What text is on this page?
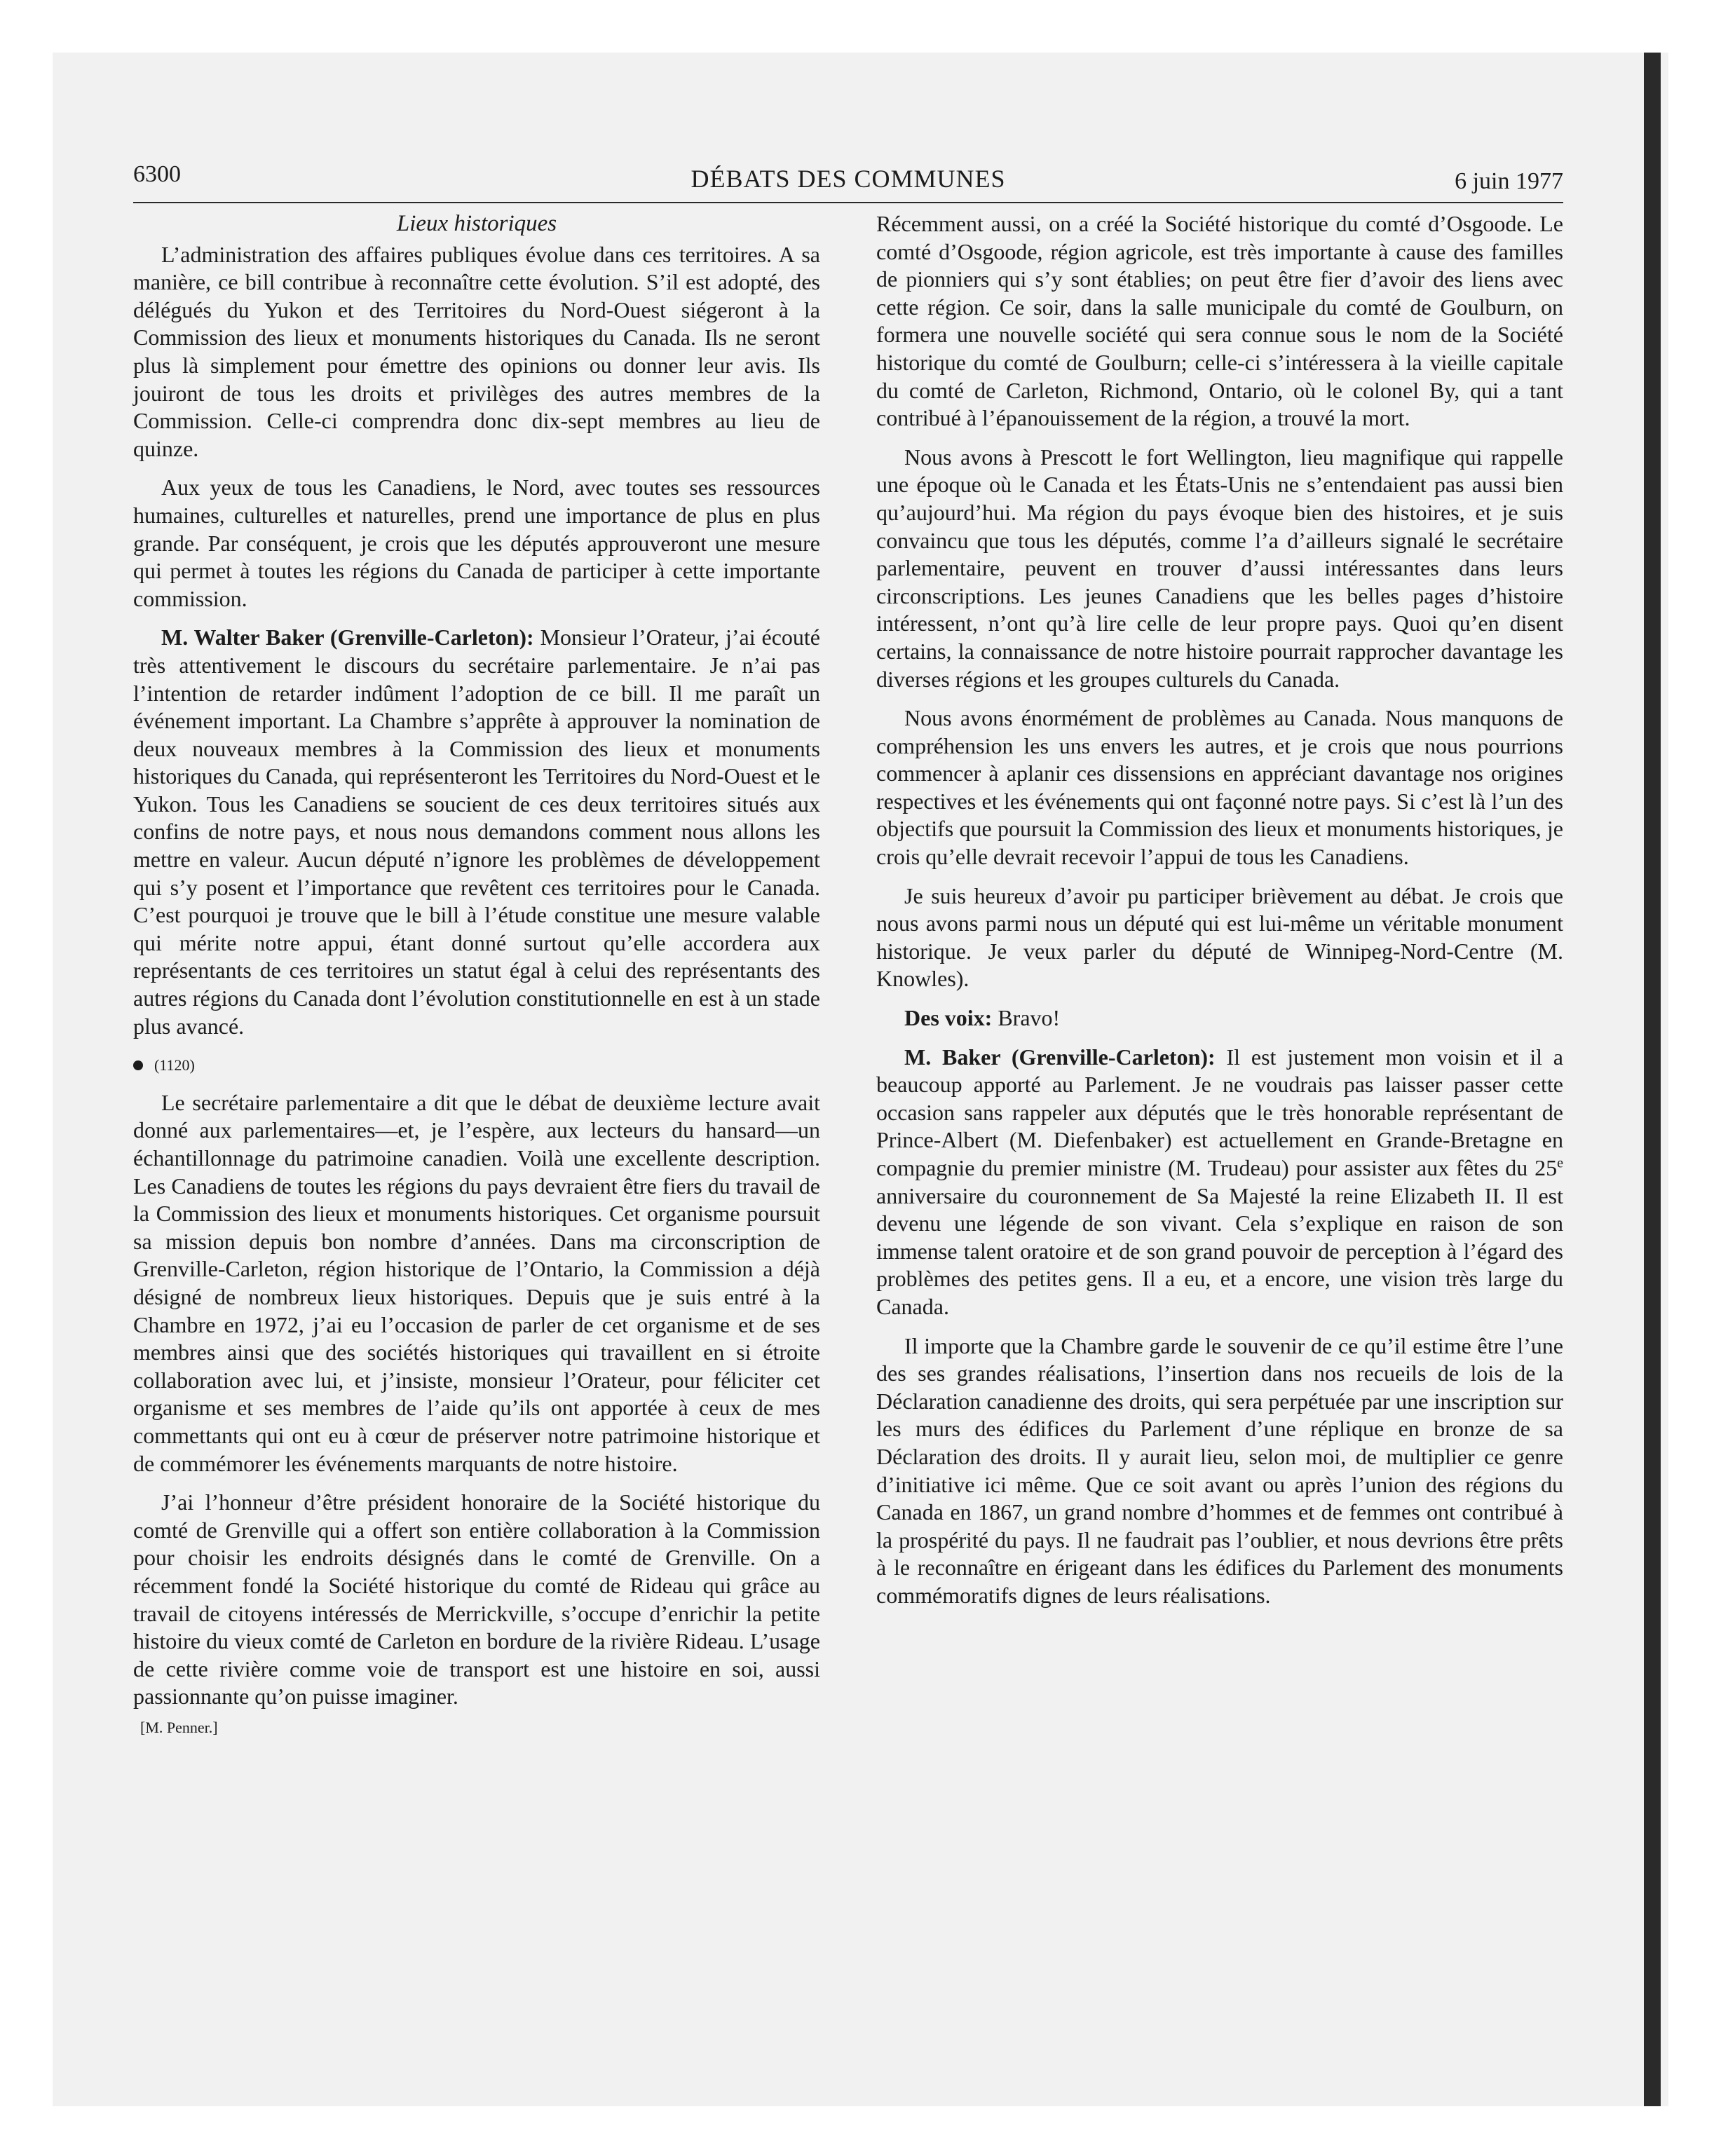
6300	DÉBATS DES COMMUNES	6 juin 1977
Lieux historiques

L’administration des affaires publiques évolue dans ces territoires. A sa manière, ce bill contribue à reconnaître cette évolution. S’il est adopté, des délégués du Yukon et des Territoires du Nord-Ouest siégeront à la Commission des lieux et monuments historiques du Canada. Ils ne seront plus là simplement pour émettre des opinions ou donner leur avis. Ils jouiront de tous les droits et privilèges des autres membres de la Commission. Celle-ci comprendra donc dix-sept membres au lieu de quinze.

Aux yeux de tous les Canadiens, le Nord, avec toutes ses ressources humaines, culturelles et naturelles, prend une importance de plus en plus grande. Par conséquent, je crois que les députés approuveront une mesure qui permet à toutes les régions du Canada de participer à cette importante commission.

M. Walter Baker (Grenville-Carleton): Monsieur l’Orateur, j’ai écouté très attentivement le discours du secrétaire parlementaire. Je n’ai pas l’intention de retarder indûment l’adoption de ce bill. Il me paraît un événement important. La Chambre s’apprête à approuver la nomination de deux nouveaux membres à la Commission des lieux et monuments historiques du Canada, qui représenteront les Territoires du Nord-Ouest et le Yukon. Tous les Canadiens se soucient de ces deux territoires situés aux confins de notre pays, et nous nous demandons comment nous allons les mettre en valeur. Aucun député n’ignore les problèmes de développement qui s’y posent et l’importance que revêtent ces territoires pour le Canada. C’est pourquoi je trouve que le bill à l’étude constitue une mesure valable qui mérite notre appui, étant donné surtout qu’elle accordera aux représentants de ces territoires un statut égal à celui des représentants des autres régions du Canada dont l’évolution constitutionnelle en est à un stade plus avancé.

(1120)

Le secrétaire parlementaire a dit que le débat de deuxième lecture avait donné aux parlementaires—et, je l’espère, aux lecteurs du hansard—un échantillonnage du patrimoine canadien. Voilà une excellente description. Les Canadiens de toutes les régions du pays devraient être fiers du travail de la Commission des lieux et monuments historiques. Cet organisme poursuit sa mission depuis bon nombre d’années. Dans ma circonscription de Grenville-Carleton, région historique de l’Ontario, la Commission a déjà désigné de nombreux lieux historiques. Depuis que je suis entré à la Chambre en 1972, j’ai eu l’occasion de parler de cet organisme et de ses membres ainsi que des sociétés historiques qui travaillent en si étroite collaboration avec lui, et j’insiste, monsieur l’Orateur, pour féliciter cet organisme et ses membres de l’aide qu’ils ont apportée à ceux de mes commettants qui ont eu à cœur de préserver notre patrimoine historique et de commémorer les événements marquants de notre histoire.

J’ai l’honneur d’être président honoraire de la Société historique du comté de Grenville qui a offert son entière collaboration à la Commission pour choisir les endroits désignés dans le comté de Grenville. On a récemment fondé la Société historique du comté de Rideau qui grâce au travail de citoyens intéressés de Merrickville, s’occupe d’enrichir la petite histoire du vieux comté de Carleton en bordure de la rivière Rideau. L’usage de cette rivière comme voie de transport est une histoire en soi, aussi passionnante qu’on puisse imaginer.

[M. Penner.]

Récemment aussi, on a créé la Société historique du comté d’Osgoode. Le comté d’Osgoode, région agricole, est très importante à cause des familles de pionniers qui s’y sont établies; on peut être fier d’avoir des liens avec cette région. Ce soir, dans la salle municipale du comté de Goulburn, on formera une nouvelle société qui sera connue sous le nom de la Société historique du comté de Goulburn; celle-ci s’intéressera à la vieille capitale du comté de Carleton, Richmond, Ontario, où le colonel By, qui a tant contribué à l’épanouissement de la région, a trouvé la mort.

Nous avons à Prescott le fort Wellington, lieu magnifique qui rappelle une époque où le Canada et les États-Unis ne s’entendaient pas aussi bien qu’aujourd’hui. Ma région du pays évoque bien des histoires, et je suis convaincu que tous les députés, comme l’a d’ailleurs signalé le secrétaire parlementaire, peuvent en trouver d’aussi intéressantes dans leurs circonscriptions. Les jeunes Canadiens que les belles pages d’histoire intéressent, n’ont qu’à lire celle de leur propre pays. Quoi qu’en disent certains, la connaissance de notre histoire pourrait rapprocher davantage les diverses régions et les groupes culturels du Canada.

Nous avons énormément de problèmes au Canada. Nous manquons de compréhension les uns envers les autres, et je crois que nous pourrions commencer à aplanir ces dissensions en appréciant davantage nos origines respectives et les événements qui ont façonné notre pays. Si c’est là l’un des objectifs que poursuit la Commission des lieux et monuments historiques, je crois qu’elle devrait recevoir l’appui de tous les Canadiens.

Je suis heureux d’avoir pu participer brièvement au débat. Je crois que nous avons parmi nous un député qui est lui-même un véritable monument historique. Je veux parler du député de Winnipeg-Nord-Centre (M. Knowles).

Des voix: Bravo!

M. Baker (Grenville-Carleton): Il est justement mon voisin et il a beaucoup apporté au Parlement. Je ne voudrais pas laisser passer cette occasion sans rappeler aux députés que le très honorable représentant de Prince-Albert (M. Diefenbaker) est actuellement en Grande-Bretagne en compagnie du premier ministre (M. Trudeau) pour assister aux fêtes du 25e anniversaire du couronnement de Sa Majesté la reine Elizabeth II. Il est devenu une légende de son vivant. Cela s’explique en raison de son immense talent oratoire et de son grand pouvoir de perception à l’égard des problèmes des petites gens. Il a eu, et a encore, une vision très large du Canada.

Il importe que la Chambre garde le souvenir de ce qu’il estime être l’une des ses grandes réalisations, l’insertion dans nos recueils de lois de la Déclaration canadienne des droits, qui sera perpétuée par une inscription sur les murs des édifices du Parlement d’une réplique en bronze de sa Déclaration des droits. Il y aurait lieu, selon moi, de multiplier ce genre d’initiative ici même. Que ce soit avant ou après l’union des régions du Canada en 1867, un grand nombre d’hommes et de femmes ont contribué à la prospérité du pays. Il ne faudrait pas l’oublier, et nous devrions être prêts à le reconnaître en érigeant dans les édifices du Parlement des monuments commémoratifs dignes de leurs réalisations.
